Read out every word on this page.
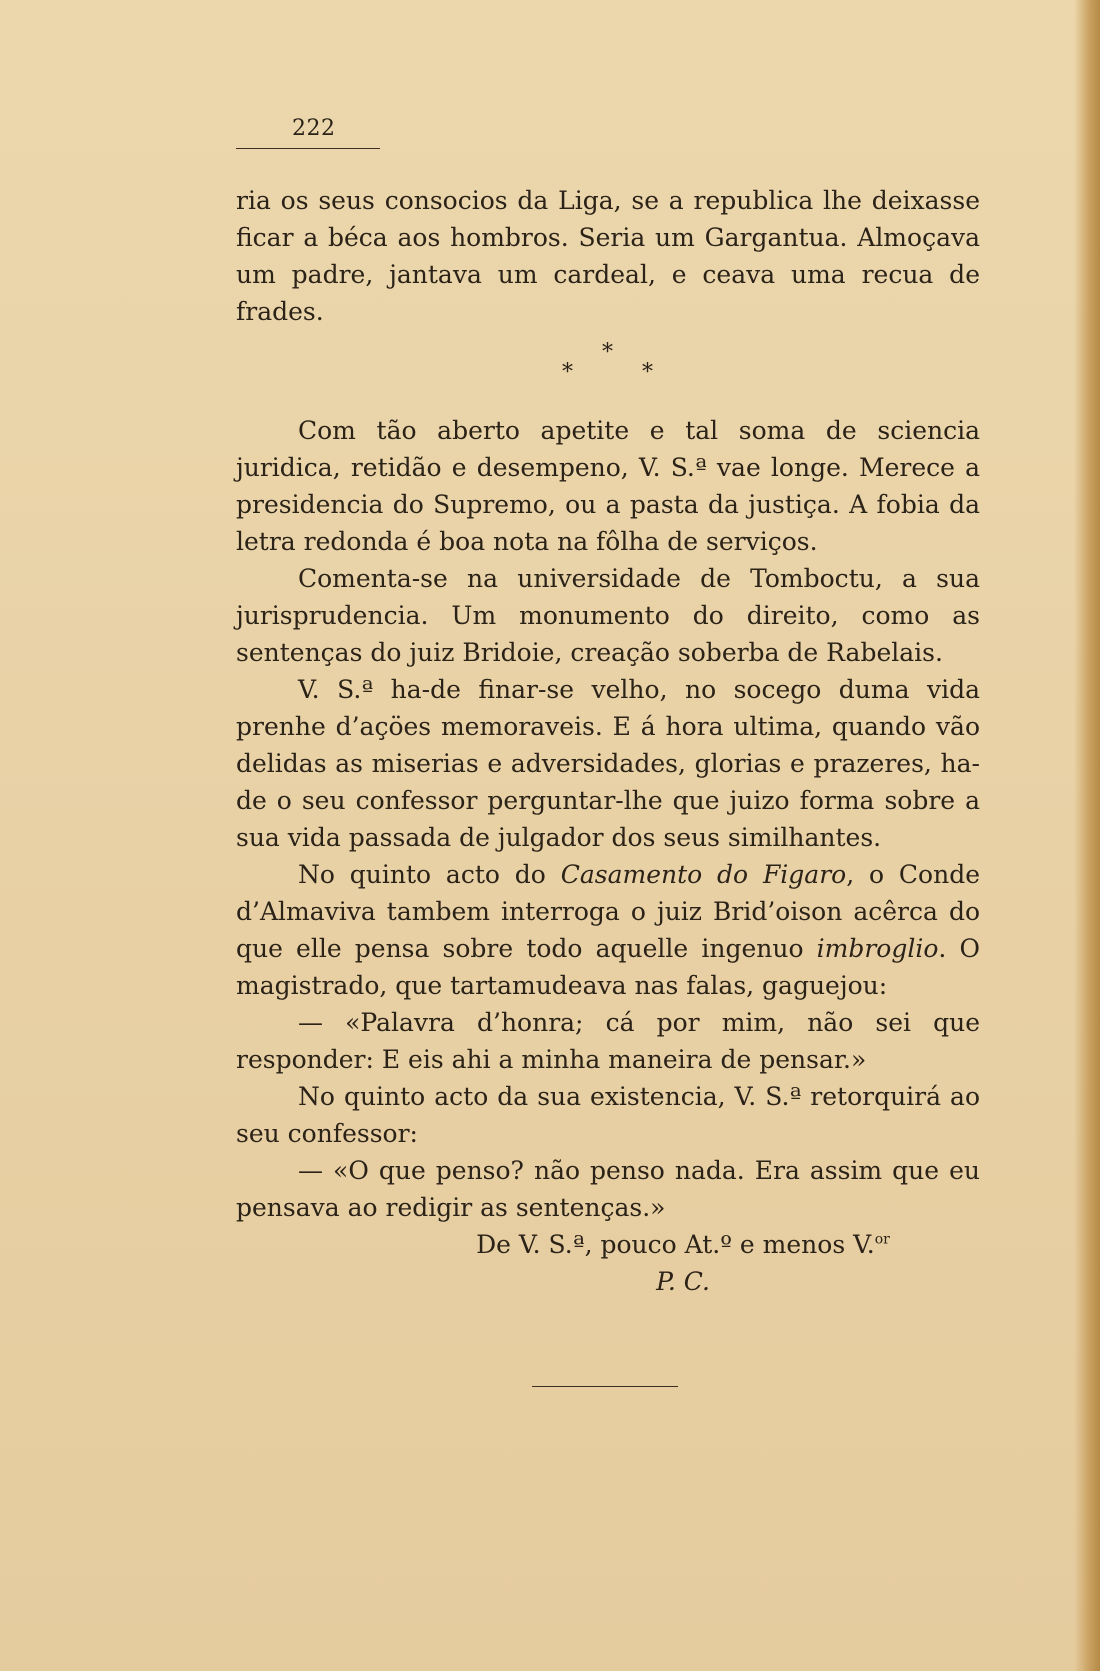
222

ria os seus consocios da Liga, se a republica lhe deixasse ficar a béca aos hombros. Seria um Gargantua. Almoçava um padre, jantava um cardeal, e ceava uma recua de frades.

*
*	*

Com tão aberto apetite e tal soma de sciencia juridica, retidão e desempeno, V. S.ª vae longe. Merece a presidencia do Supremo, ou a pasta da justiça. A fobia da letra redonda é boa nota na fôlha de serviços.

Comenta-se na universidade de Tomboctu, a sua jurisprudencia. Um monumento do direito, como as sentenças do juiz Bridoie, creação soberba de Rabelais.

V. S.ª ha-de finar-se velho, no socego duma vida prenhe d’açöes memoraveis. E á hora ultima, quando vão delidas as miserias e adversidades, glorias e prazeres, ha-de o seu confessor perguntar-lhe que juizo forma sobre a sua vida passada de julgador dos seus similhantes.

No quinto acto do Casamento do Figaro, o Conde d’Almaviva tambem interroga o juiz Brid’oison acêrca do que elle pensa sobre todo aquelle ingenuo imbroglio. O magistrado, que tartamudeava nas falas, gaguejou:

— «Palavra d’honra; cá por mim, não sei que responder: E eis ahi a minha maneira de pensar.»

No quinto acto da sua existencia, V. S.ª retorquirá ao seu confessor:

— «O que penso? não penso nada. Era assim que eu pensava ao redigir as sentenças.»

De V. S.ª, pouco At.º e menos V.$^{or}$

P. C.
